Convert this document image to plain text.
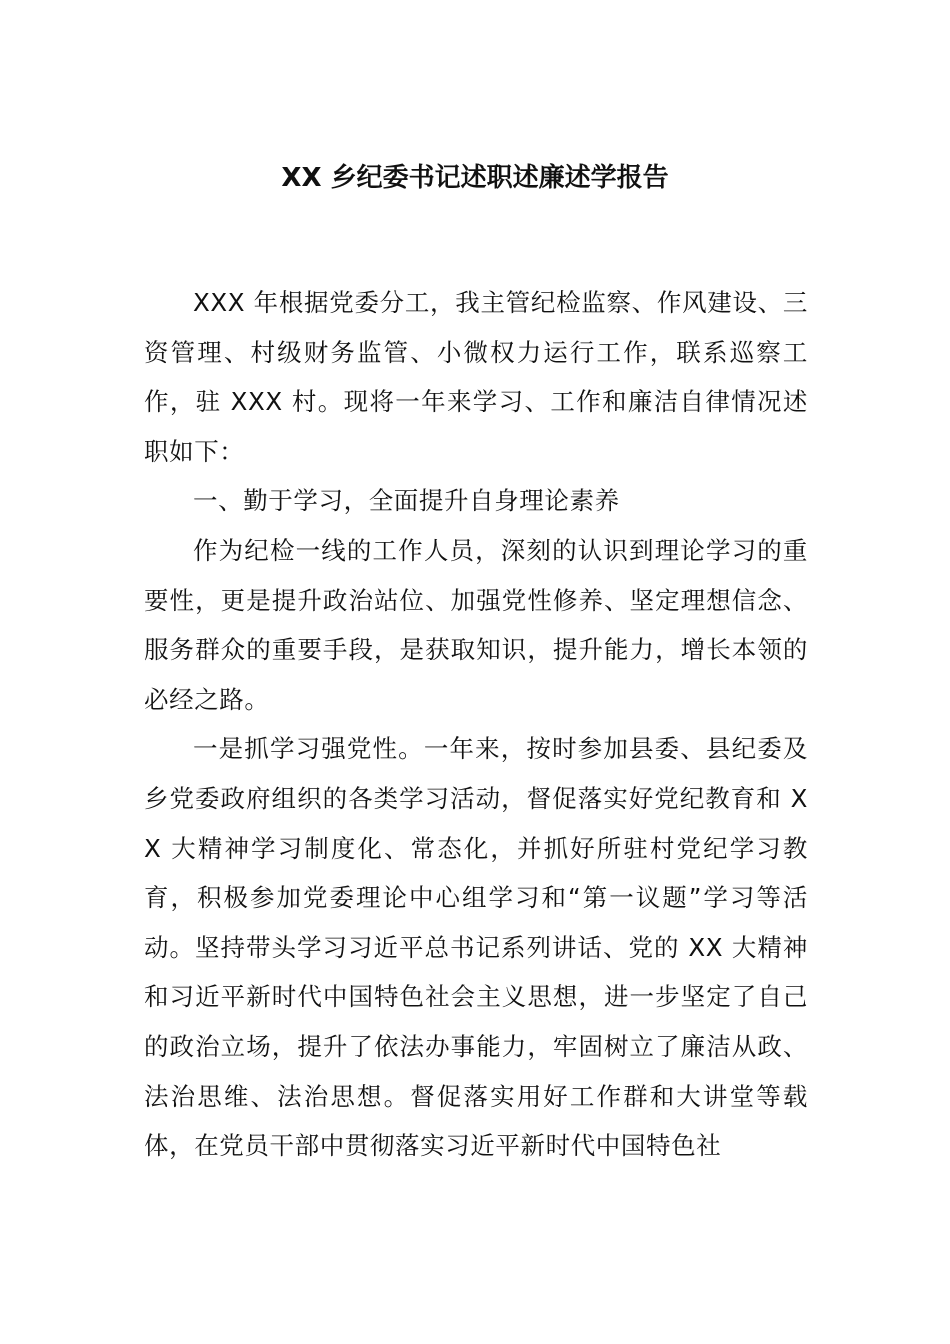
XX 乡纪委书记述职述廉述学报告

XXX 年根据党委分工，我主管纪检监察、作风建设、三资管理、村级财务监管、小微权力运行工作，联系巡察工作，驻 XXX 村。现将一年来学习、工作和廉洁自律情况述职如下：

一、勤于学习，全面提升自身理论素养

作为纪检一线的工作人员，深刻的认识到理论学习的重要性，更是提升政治站位、加强党性修养、坚定理想信念、服务群众的重要手段，是获取知识，提升能力，增长本领的必经之路。

一是抓学习强党性。一年来，按时参加县委、县纪委及乡党委政府组织的各类学习活动，督促落实好党纪教育和 XX 大精神学习制度化、常态化，并抓好所驻村党纪学习教育，积极参加党委理论中心组学习和“第一议题”学习等活动。坚持带头学习习近平总书记系列讲话、党的 XX 大精神和习近平新时代中国特色社会主义思想，进一步坚定了自己的政治立场，提升了依法办事能力，牢固树立了廉洁从政、法治思维、法治思想。督促落实用好工作群和大讲堂等载体，在党员干部中贯彻落实习近平新时代中国特色社
